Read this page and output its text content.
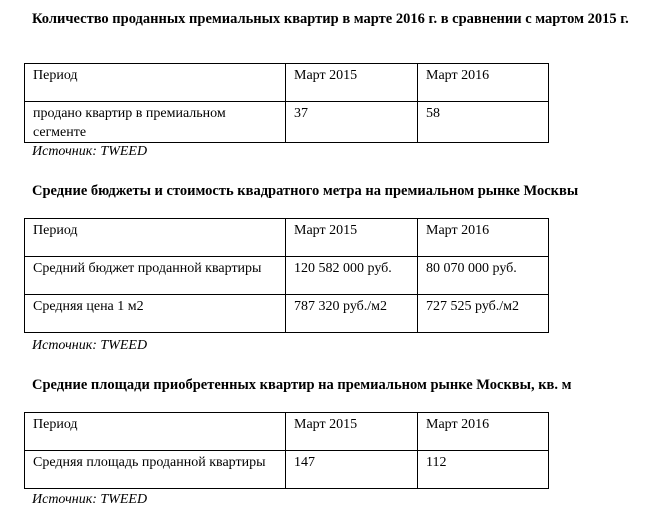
Количество проданных премиальных квартир в марте 2016 г. в сравнении с мартом 2015 г.

Период	Март 2015	Март 2016
продано квартир в премиальном сегменте	37	58

Источник: TWEED

Средние бюджеты и стоимость квадратного метра на премиальном рынке Москвы

Период	Март 2015	Март 2016
Средний бюджет проданной квартиры	120 582 000 руб.	80 070 000 руб.
Средняя цена 1 м2	787 320 руб./м2	727 525 руб./м2

Источник: TWEED

Средние площади приобретенных квартир на премиальном рынке Москвы, кв. м

Период	Март 2015	Март 2016
Средняя площадь проданной квартиры	147	112

Источник: TWEED
